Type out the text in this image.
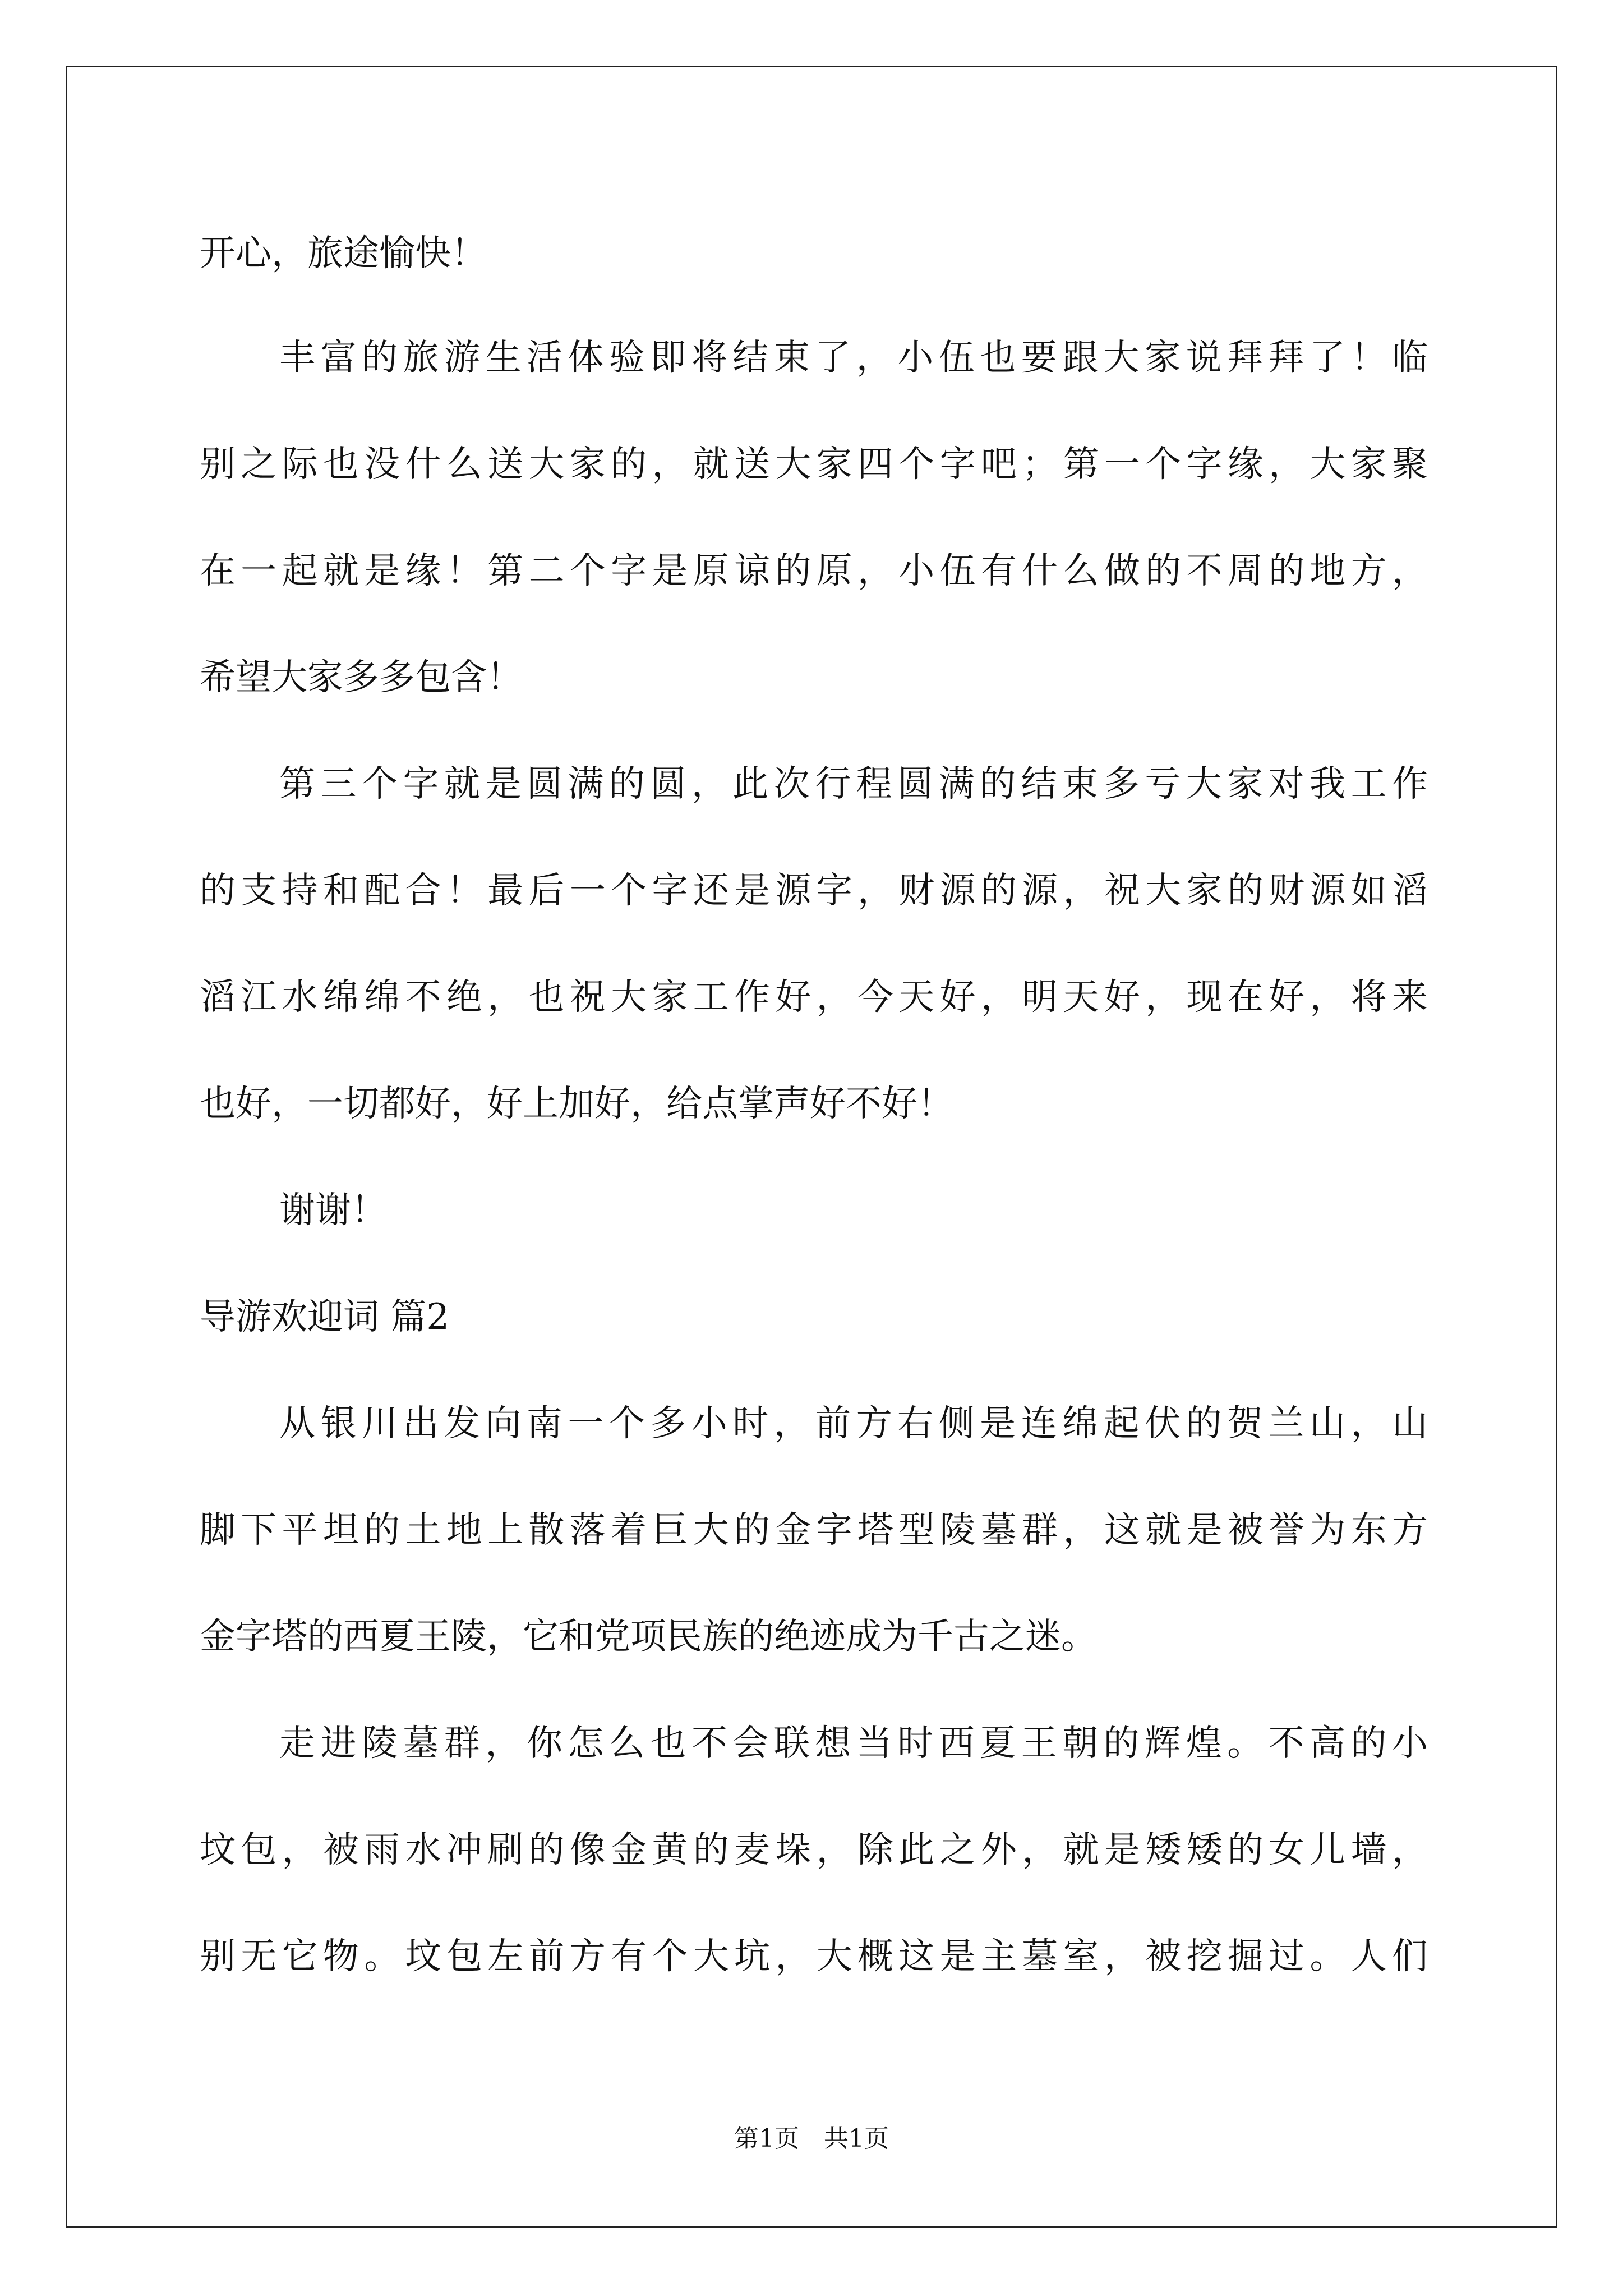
开心，旅途愉快！
丰富的旅游生活体验即将结束了，小伍也要跟大家说拜拜了！临
别之际也没什么送大家的，就送大家四个字吧；第一个字缘，大家聚
在一起就是缘！第二个字是原谅的原，小伍有什么做的不周的地方，
希望大家多多包含！
第三个字就是圆满的圆，此次行程圆满的结束多亏大家对我工作
的支持和配合！最后一个字还是源字，财源的源，祝大家的财源如滔
滔江水绵绵不绝，也祝大家工作好，今天好，明天好，现在好，将来
也好，一切都好，好上加好，给点掌声好不好！
谢谢！
导游欢迎词 篇2
从银川出发向南一个多小时，前方右侧是连绵起伏的贺兰山，山
脚下平坦的土地上散落着巨大的金字塔型陵墓群，这就是被誉为东方
金字塔的西夏王陵，它和党项民族的绝迹成为千古之迷。
走进陵墓群，你怎么也不会联想当时西夏王朝的辉煌。不高的小
坟包，被雨水冲刷的像金黄的麦垛，除此之外，就是矮矮的女儿墙，
别无它物。坟包左前方有个大坑，大概这是主墓室，被挖掘过。人们
第1页 共1页
